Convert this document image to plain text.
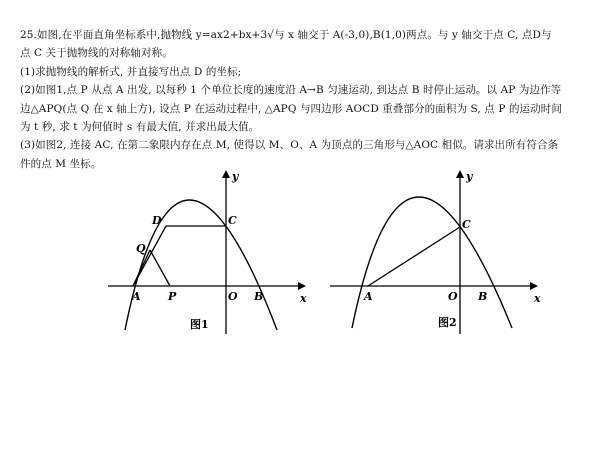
25.如图,在平面直角坐标系中,抛物线 y=ax2+bx+3√与 x 轴交于 A(-3,0),B(1,0)两点。与 y 轴交于点 C, 点D与

点 C 关于抛物线的对称轴对称。

(1)求抛物线的解析式, 并直接写出点 D 的坐标;

(2)如图1,点 P 从点 A 出发, 以每秒 1 个单位长度的速度沿 A→B 匀速运动, 到达点 B 时停止运动。以 AP 为边作等

边△APQ(点 Q 在 x 轴上方), 设点 P 在运动过程中, △APQ 与四边形 AOCD 重叠部分的面积为 S, 点 P 的运动时间

为 t 秒, 求 t 为何值时 s 有最大值, 并求出最大值。

(3)如图2, 连接 AC, 在第二象限内存在点 M, 使得以 M、O、A 为顶点的三角形与△AOC 相似。请求出所有符合条

件的点 M 坐标。

y
x
D	C
Q
A P	O B
图1
y
x
C
A	O B
图2
